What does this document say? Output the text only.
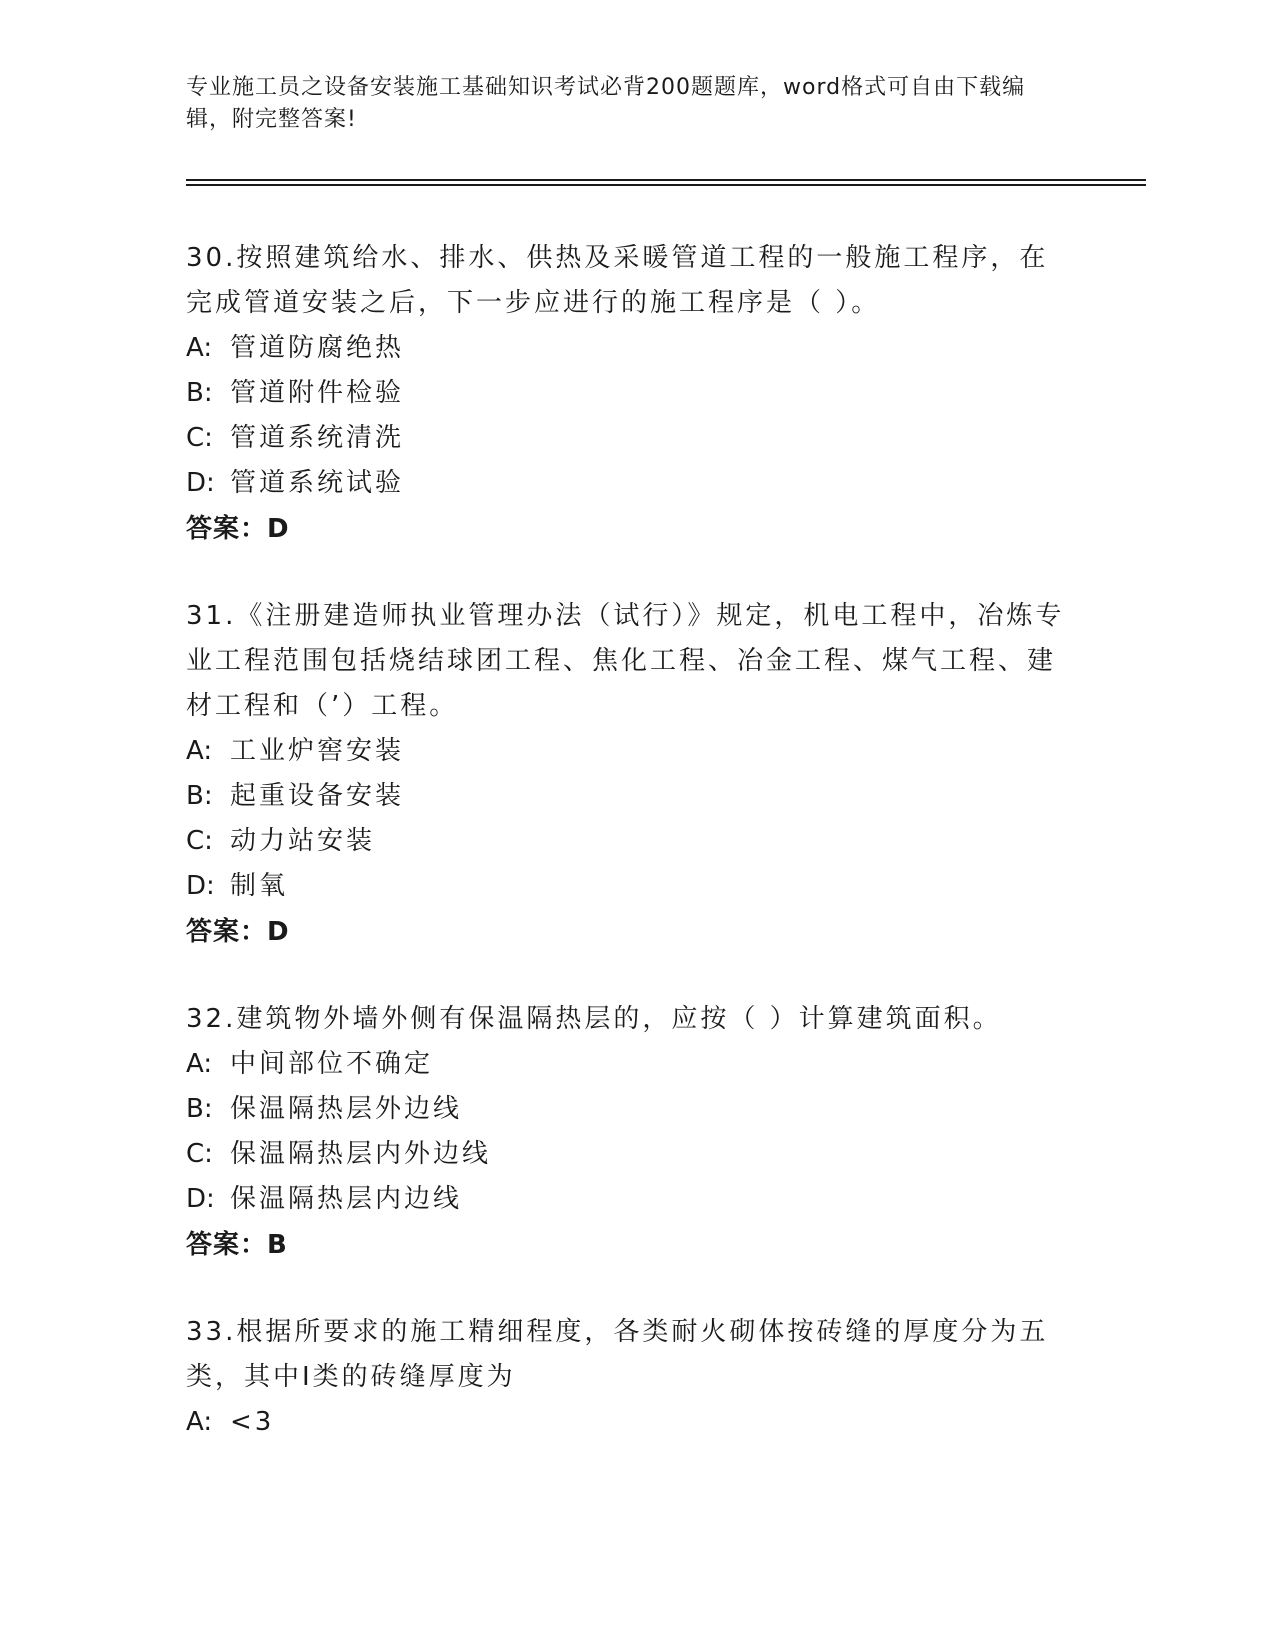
专业施工员之设备安装施工基础知识考试必背200题题库，word格式可自由下载编辑，附完整答案!
30.按照建筑给水、排水、供热及采暖管道工程的一般施工程序，在完成管道安装之后，下一步应进行的施工程序是（ ）。
A: 管道防腐绝热
B: 管道附件检验
C: 管道系统清洗
D: 管道系统试验
答案：D
31.《注册建造师执业管理办法（试行）》规定，机电工程中，冶炼专业工程范围包括烧结球团工程、焦化工程、冶金工程、煤气工程、建材工程和（’）工程。
A: 工业炉窖安装
B: 起重设备安装
C: 动力站安装
D: 制氧
答案：D
32.建筑物外墙外侧有保温隔热层的，应按（ ）计算建筑面积。
A: 中间部位不确定
B: 保温隔热层外边线
C: 保温隔热层内外边线
D: 保温隔热层内边线
答案：B
33.根据所要求的施工精细程度，各类耐火砌体按砖缝的厚度分为五类，其中I类的砖缝厚度为
A: <3
